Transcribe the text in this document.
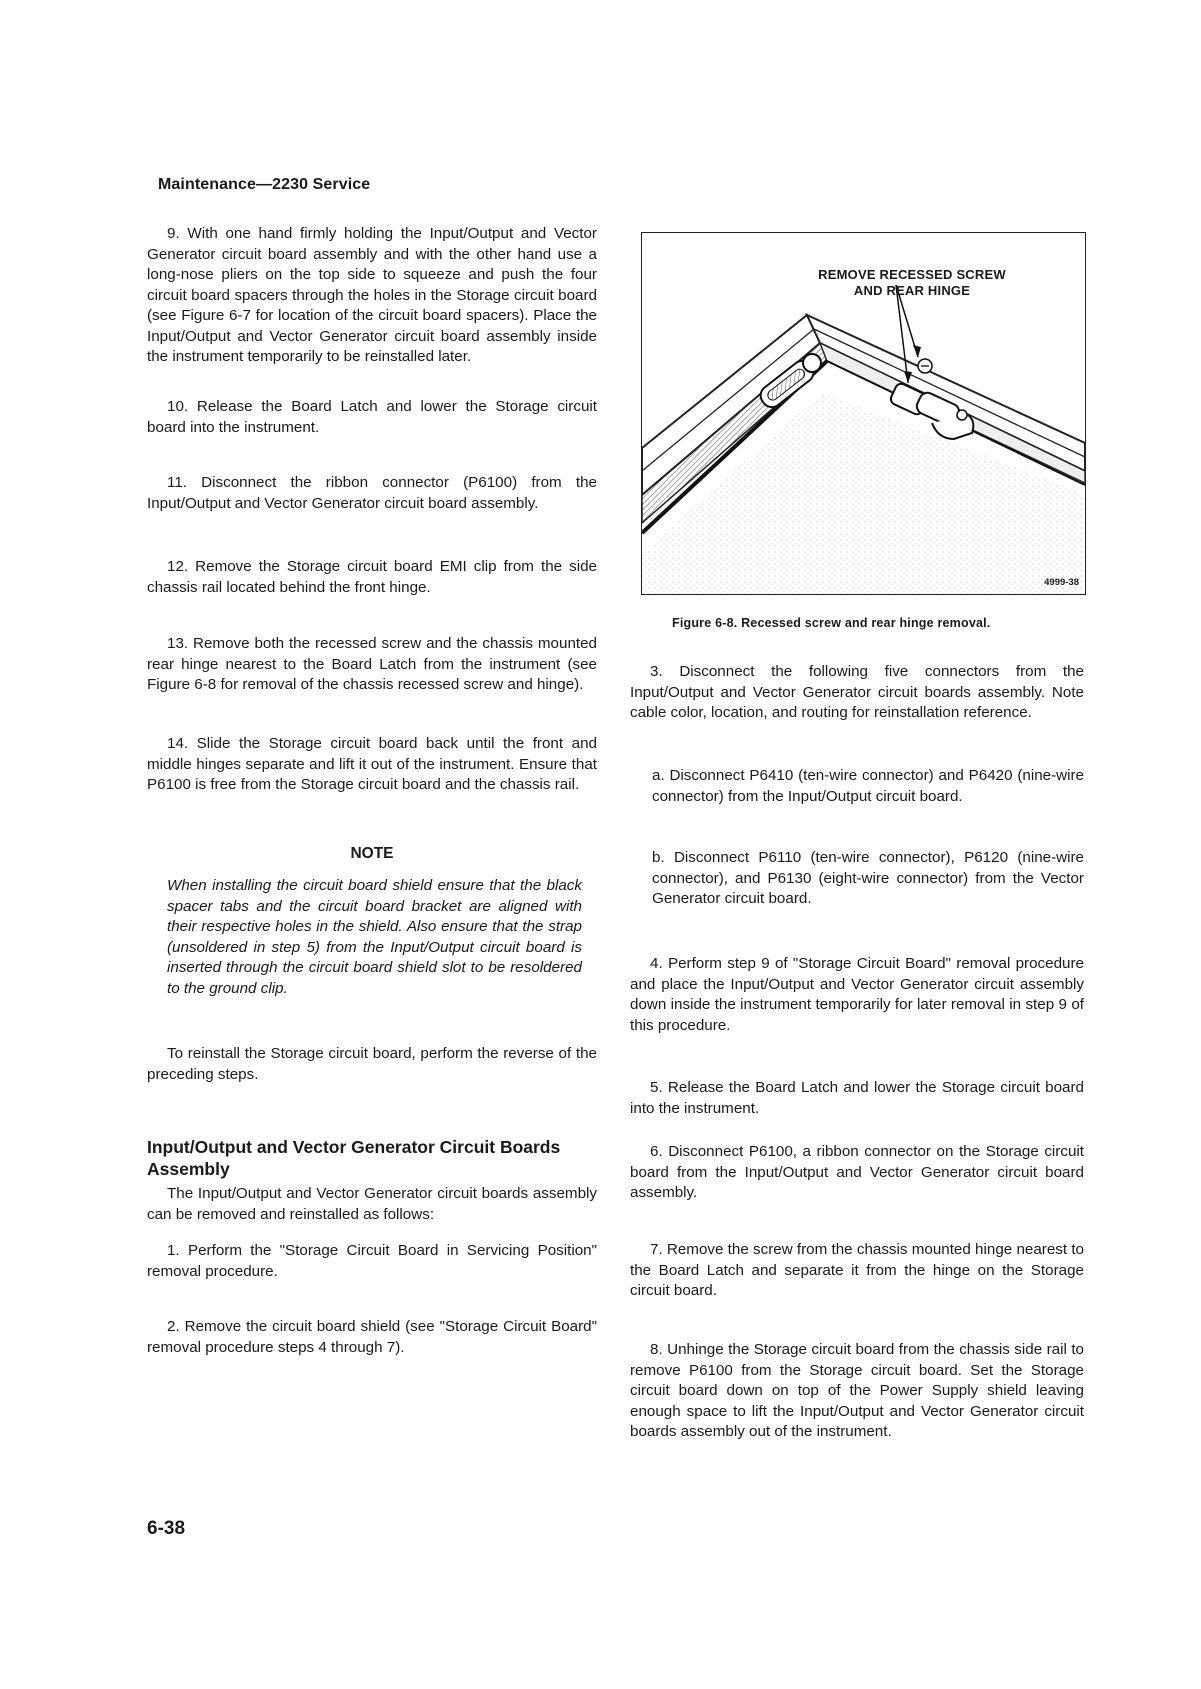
Maintenance—2230 Service

9. With one hand firmly holding the Input/Output and Vector Generator circuit board assembly and with the other hand use a long-nose pliers on the top side to squeeze and push the four circuit board spacers through the holes in the Storage circuit board (see Figure 6-7 for location of the circuit board spacers). Place the Input/Output and Vector Generator circuit board assembly inside the instrument temporarily to be reinstalled later.

10. Release the Board Latch and lower the Storage circuit board into the instrument.

11. Disconnect the ribbon connector (P6100) from the Input/Output and Vector Generator circuit board assembly.

12. Remove the Storage circuit board EMI clip from the side chassis rail located behind the front hinge.

13. Remove both the recessed screw and the chassis mounted rear hinge nearest to the Board Latch from the instrument (see Figure 6-8 for removal of the chassis recessed screw and hinge).

14. Slide the Storage circuit board back until the front and middle hinges separate and lift it out of the instrument. Ensure that P6100 is free from the Storage circuit board and the chassis rail.

NOTE

When installing the circuit board shield ensure that the black spacer tabs and the circuit board bracket are aligned with their respective holes in the shield. Also ensure that the strap (unsoldered in step 5) from the Input/Output circuit board is inserted through the circuit board shield slot to be resoldered to the ground clip.

To reinstall the Storage circuit board, perform the reverse of the preceding steps.

Input/Output and Vector Generator Circuit Boards Assembly

The Input/Output and Vector Generator circuit boards assembly can be removed and reinstalled as follows:

1. Perform the "Storage Circuit Board in Servicing Position" removal procedure.

2. Remove the circuit board shield (see "Storage Circuit Board" removal procedure steps 4 through 7).

REMOVE RECESSED SCREW
AND REAR HINGE
4999-38
Figure 6-8. Recessed screw and rear hinge removal.

3. Disconnect the following five connectors from the Input/Output and Vector Generator circuit boards assembly. Note cable color, location, and routing for reinstallation reference.

a. Disconnect P6410 (ten-wire connector) and P6420 (nine-wire connector) from the Input/Output circuit board.

b. Disconnect P6110 (ten-wire connector), P6120 (nine-wire connector), and P6130 (eight-wire connector) from the Vector Generator circuit board.

4. Perform step 9 of "Storage Circuit Board" removal procedure and place the Input/Output and Vector Generator circuit assembly down inside the instrument temporarily for later removal in step 9 of this procedure.

5. Release the Board Latch and lower the Storage circuit board into the instrument.

6. Disconnect P6100, a ribbon connector on the Storage circuit board from the Input/Output and Vector Generator circuit board assembly.

7. Remove the screw from the chassis mounted hinge nearest to the Board Latch and separate it from the hinge on the Storage circuit board.

8. Unhinge the Storage circuit board from the chassis side rail to remove P6100 from the Storage circuit board. Set the Storage circuit board down on top of the Power Supply shield leaving enough space to lift the Input/Output and Vector Generator circuit boards assembly out of the instrument.

6-38
